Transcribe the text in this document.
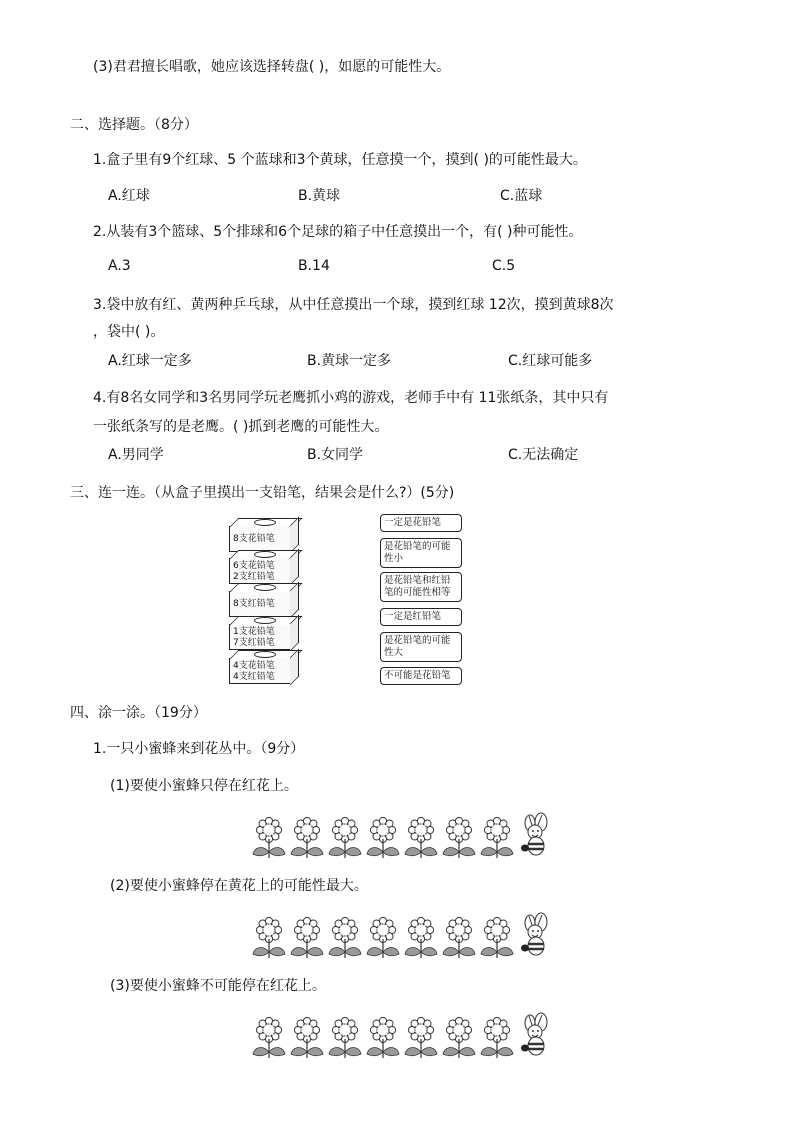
(3)君君擅长唱歌，她应该选择转盘( )，如愿的可能性大。
二、选择题。（8分）
1.盒子里有9个红球、5 个蓝球和3个黄球，任意摸一个，摸到( )的可能性最大。
A.红球	B.黄球	C.蓝球
2.从装有3个篮球、5个排球和6个足球的箱子中任意摸出一个，有( )种可能性。
A.3	B.14	C.5
3.袋中放有红、黄两种乒乓球，从中任意摸出一个球，摸到红球 12次，摸到黄球8次
，袋中( )。
A.红球一定多	B.黄球一定多	C.红球可能多
4.有8名女同学和3名男同学玩老鹰抓小鸡的游戏，老师手中有 11张纸条，其中只有
一张纸条写的是老鹰。( )抓到老鹰的可能性大。
A.男同学	B.女同学	C.无法确定
三、连一连。（从盒子里摸出一支铅笔，结果会是什么?）(5分)
8支花铅笔
6支花铅笔
2支红铅笔
8支红铅笔
1支花铅笔
7支红铅笔
4支花铅笔
4支红铅笔
一定是花铅笔
是花铅笔的可能性小
是花铅笔和红铅笔的可能性相等
一定是红铅笔
是花铅笔的可能性大
不可能是花铅笔
四、涂一涂。（19分）
1.一只小蜜蜂来到花丛中。（9分）
(1)要使小蜜蜂只停在红花上。
(2)要使小蜜蜂停在黄花上的可能性最大。
(3)要使小蜜蜂不可能停在红花上。
